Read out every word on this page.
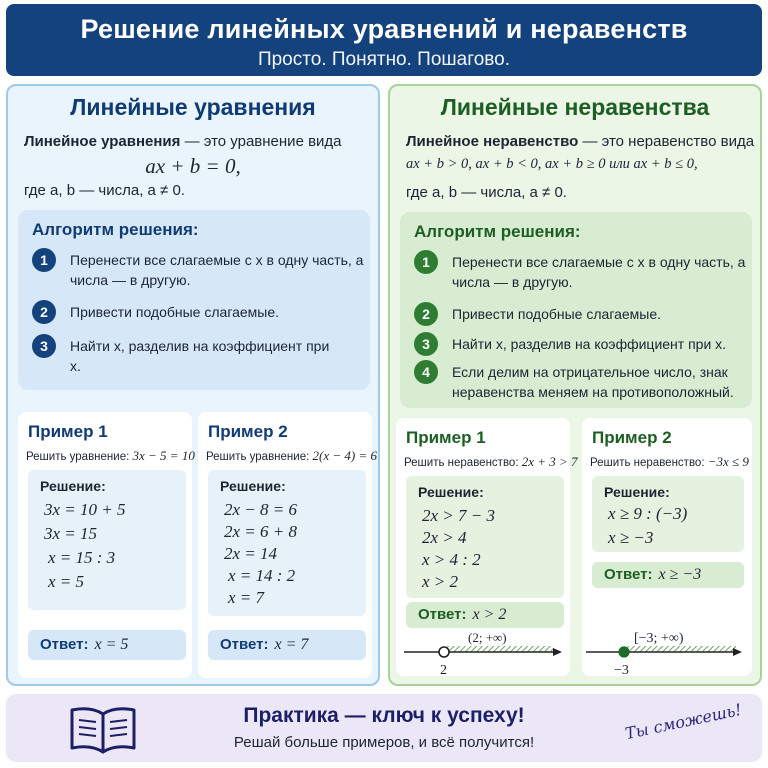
Решение линейных уравнений и неравенств
Просто. Понятно. Пошагово.
Линейные уравнения
Линейное уравнения — это уравнение вида
ax + b = 0,
где a, b — числа, a ≠ 0.
Алгоритм решения:
1	Перенести все слагаемые с x в одну часть, а числа — в другую.
2	Привести подобные слагаемые.
3	Найти x, разделив на коэффициент при x.
Пример 1
Решить уравнение: 3x − 5 = 10
Решение:
3x = 10 + 5
3x = 15
x = 15 : 3
x = 5
Ответ: x = 5
Пример 2
Решить уравнение: 2(x − 4) = 6
Решение:
2x − 8 = 6
2x = 6 + 8
2x = 14
x = 14 : 2
x = 7
Ответ: x = 7
Линейные неравенства
Линейное неравенство — это неравенство вида
ax + b > 0, ax + b < 0, ax + b ≥ 0 или ax + b ≤ 0,
где a, b — числа, a ≠ 0.
Алгоритм решения:
1	Перенести все слагаемые с x в одну часть, а числа — в другую.
2	Привести подобные слагаемые.
3	Найти x, разделив на коэффициент при x.
4	Если делим на отрицательное число, знак неравенства меняем на противоположный.
Пример 1
Решить неравенство: 2x + 3 > 7
Решение:
2x > 7 − 3
2x > 4
x > 4 : 2
x > 2
Ответ: x > 2
(2; +∞)
2
Пример 2
Решить неравенство: −3x ≤ 9
Решение:
x ≥ 9 : (−3)
x ≥ −3
Ответ: x ≥ −3
[−3; +∞)
−3
Практика — ключ к успеху!
Решай больше примеров, и всё получится!	Ты сможешь!
